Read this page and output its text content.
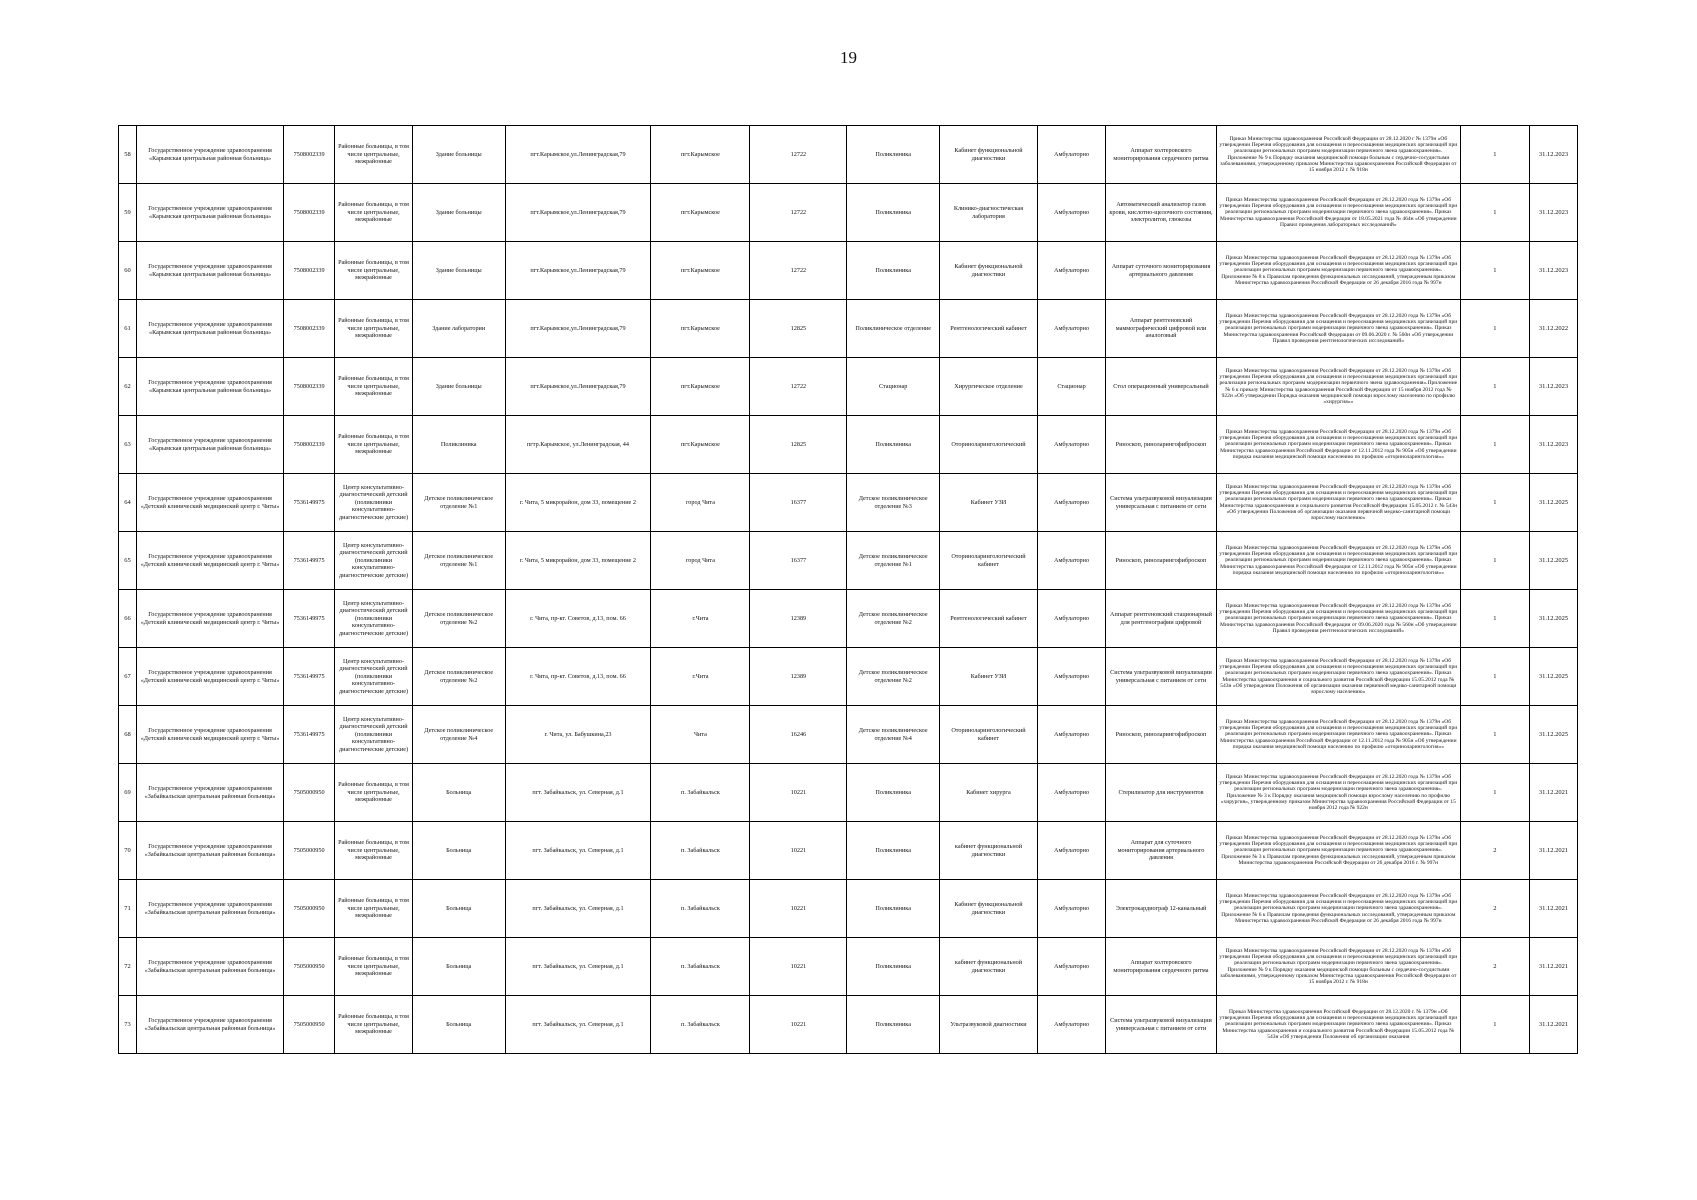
19
58	Государственное учреждение здравоохранения «Карымская центральная районная больница»	7508002339	Районные больницы, в том числе центральные, межрайонные	Здание больницы	пгт.Карымское,ул.Ленинградская,79	пгт.Карымское	12722	Поликлиника	Кабинет функциональной диагностики	Амбулаторно	Аппарат холтеровского мониторирования сердечного ритма	Приказ Министерства здравоохранения Российской Федерации от 28.12.2020 г № 1379н «Об утверждении Перечня оборудования для оснащения и переоснащения медицинских организаций при реализации региональных программ модернизации первичного звена здравоохранения». Приложение № 9 к Порядку оказания медицинской помощи больным с сердечно-сосудистыми заболеваниями, утвержденному приказом Министерства здравоохранения Российской Федерации от 15 ноября 2012 г. № 918н	1	31.12.2023
59	Государственное учреждение здравоохранения «Карымская центральная районная больница»	7508002339	Районные больницы, в том числе центральные, межрайонные	Здание больницы	пгт.Карымское,ул.Ленинградская,79	пгт.Карымское	12722	Поликлиника	Клинико-диагностическая лаборатория	Амбулаторно	Автоматический анализатор газов крови, кислотно-щелочного состояния, электролитов, глюкозы	Приказ Министерства здравоохранения Российской Федерации от 28.12.2020 года № 1379н «Об утверждении Перечня оборудования для оснащения и переоснащения медицинских организаций при реализации региональных программ модернизации первичного звена здравоохранения». Приказ Министерства здравоохранения Российской Федерации от 18.05.2021 года № 464н «Об утверждении Правил проведения лабораторных исследований»	1	31.12.2023
60	Государственное учреждение здравоохранения «Карымская центральная районная больница»	7508002339	Районные больницы, в том числе центральные, межрайонные	Здание больницы	пгт.Карымское,ул.Ленинградская,79	пгт.Карымское	12722	Поликлиника	Кабинет функциональной диагностики	Амбулаторно	Аппарат суточного мониторирования артериального давления	Приказ Министерства здравоохранения Российской Федерации от 28.12.2020 года № 1379н «Об утверждении Перечня оборудования для оснащения и переоснащения медицинских организаций при реализации региональных программ модернизации первичного звена здравоохранения». Приложение № 8 к Правилам проведения функциональных исследований, утвержденным приказом Министерства здравоохранения Российской Федерации от 26 декабря 2016 года № 997н	1	31.12.2023
61	Государственное учреждение здравоохранения «Карымская центральная районная больница»	7508002339	Районные больницы, в том числе центральные, межрайонные	Здание лаборатории	пгт.Карымское,ул.Ленинградская,79	пгт.Карымское	12825	Поликлиническое отделение	Рентгенологический кабинет	Амбулаторно	Аппарат рентгеновский маммографический цифровой или аналоговый	Приказ Министерства здравоохранения Российской Федерации от 28.12.2020 года № 1379н «Об утверждении Перечня оборудования для оснащения и переоснащения медицинских организаций при реализации региональных программ модернизации первичного звена здравоохранения». Приказ Министерства здравоохранения Российской Федерации от 09.06.2020 г. № 560н «Об утверждении Правил проведения рентгенологических исследований»	1	31.12.2022
62	Государственное учреждение здравоохранения «Карымская центральная районная больница»	7508002339	Районные больницы, в том числе центральные, межрайонные	Здание больницы	пгт.Карымское,ул.Ленинградская,79	пгт.Карымское	12722	Стационар	Хирургическое отделение	Стационар	Стол операционный универсальный	Приказ Министерства здравоохранения Российской Федерации от 28.12.2020 года № 1379н «Об утверждении Перечня оборудования для оснащения и переоснащения медицинских организаций при реализации региональных программ модернизации первичного звена здравоохранения».Приложение № 6 к приказу Министерства здравоохранения Российской Федерации от 15 ноября 2012 года № 922н «Об утверждении Порядка оказания медицинской помощи взрослому населению по профилю «хирургия»»	1	31.12.2023
63	Государственное учреждение здравоохранения «Карымская центральная районная больница»	7508002339	Районные больницы, в том числе центральные, межрайонные	Поликлиника	пгтр.Карымское, ул.Ленинградская, 44	пгт.Карымское	12825	Поликлиника	Оториноларингологический	Амбулаторно	Риноскоп, риноларингофиброскоп	Приказ Министерства здравоохранения Российской Федерации от 28.12.2020 года № 1379н «Об утверждении Перечня оборудования для оснащения и переоснащения медицинских организаций при реализации региональных программ модернизации первичного звена здравоохранения». Приказ Министерства здравоохранения Российской Федерации от 12.11.2012 года № 905н «Об утверждении порядка оказания медицинской помощи населению по профилю «оториноларингология»»	1	31.12.2023
64	Государственное учреждение здравоохранения «Детский клинический медицинский центр г. Читы»	7536149975	Центр консультативно-диагностический детский (поликлиники консультативно-диагностические детские)	Детское поликлиническое отделение №1	г. Чита, 5 микрорайон, дом 33, помещение 2	город Чита	16377	Детское поликлиническое отделение №3	Кабинет УЗИ	Амбулаторно	Система ультразвуковой визуализации универсальная с питанием от сети	Приказ Министерства здравоохранения Российской Федерации от 28.12.2020 года № 1379н «Об утверждении Перечня оборудования для оснащения и переоснащения медицинских организаций при реализации региональных программ модернизации первичного звена здравоохранения». Приказ Министерства здравоохранения и социального развития Российской Федерации 15.05.2012 г. № 543н «Об утверждении Положения об организации оказания первичной медико-санитарной помощи взрослому населению»	1	31.12.2025
65	Государственное учреждение здравоохранения «Детский клинический медицинский центр г. Читы»	7536149975	Центр консультативно-диагностический детский (поликлиники консультативно-диагностические детские)	Детское поликлиническое отделение №1	г. Чита, 5 микрорайон, дом 33, помещение 2	город Чита	16377	Детское поликлиническое отделение №1	Оториноларингологический кабинет	Амбулаторно	Риноскоп, риноларингофиброскоп	Приказ Министерства здравоохранения Российской Федерации от 28.12.2020 года № 1379н «Об утверждении Перечня оборудования для оснащения и переоснащения медицинских организаций при реализации региональных программ модернизации первичного звена здравоохранения». Приказ Министерства здравоохранения Российской Федерации от 12.11.2012 года № 905н «Об утверждении порядка оказания медицинской помощи населению по профилю «оториноларингология»»	1	31.12.2025
66	Государственное учреждение здравоохранения «Детский клинический медицинский центр г. Читы»	7536149975	Центр консультативно-диагностический детский (поликлиники консультативно-диагностические детские)	Детское поликлиническое отделение №2	г. Чита, пр-кт. Советов, д.13, пом. 66	г.Чита	12389	Детское поликлиническое отделение №2	Рентгенологический кабинет	Амбулаторно	Аппарат рентгеновский стационарный для рентгенографии цифровой	Приказ Министерства здравоохранения Российской Федерации от 28.12.2020 года № 1379н «Об утверждении Перечня оборудования для оснащения и переоснащения медицинских организаций при реализации региональных программ модернизации первичного звена здравоохранения». Приказ Министерства здравоохранения Российской Федерации от 09.06.2020 года № 560н «Об утверждении Правил проведения рентгенологических исследований»	1	31.12.2025
67	Государственное учреждение здравоохранения «Детский клинический медицинский центр г. Читы»	7536149975	Центр консультативно-диагностический детский (поликлиники консультативно-диагностические детские)	Детское поликлиническое отделение №2	г. Чита, пр-кт. Советов, д.13, пом. 66	г.Чита	12389	Детское поликлиническое отделение №2	Кабинет УЗИ	Амбулаторно	Система ультразвуковой визуализации универсальная с питанием от сети	Приказ Министерства здравоохранения Российской Федерации от 28.12.2020 года № 1379н «Об утверждении Перечня оборудования для оснащения и переоснащения медицинских организаций при реализации региональных программ модернизации первичного звена здравоохранения». Приказ Министерства здравоохранения и социального развития Российской Федерации 15.05.2012 года № 543н «Об утверждении Положения об организации оказания первичной медико-санитарной помощи взрослому населению»	1	31.12.2025
68	Государственное учреждение здравоохранения «Детский клинический медицинский центр г. Читы»	7536149975	Центр консультативно-диагностический детский (поликлиники консультативно-диагностические детские)	Детское поликлиническое отделение №4	г. Чита, ул. Бабушкина,23	Чита	16246	Детское поликлиническое отделение №4	Оториноларингологический кабинет	Амбулаторно	Риноскоп, риноларингофиброскоп	Приказ Министерства здравоохранения Российской Федерации от 28.12.2020 года № 1379н «Об утверждении Перечня оборудования для оснащения и переоснащения медицинских организаций при реализации региональных программ модернизации первичного звена здравоохранения». Приказ Министерства здравоохранения Российской Федерации от 12.11.2012 года № 905н «Об утверждении порядка оказания медицинской помощи населению по профилю «оториноларингология»»	1	31.12.2025
69	Государственное учреждение здравоохранения «Забайкальская центральная районная больница»	7505000950	Районные больницы, в том числе центральные, межрайонные	Больница	пгт. Забайкальск, ул. Северная, д.1	п. Забайкальск	10221	Поликлиника	Кабинет хирурга	Амбулаторно	Стерилизатор для инструментов	Приказ Министерства здравоохранения Российской Федерации от 28.12.2020 года № 1379н «Об утверждении Перечня оборудования для оснащения и переоснащения медицинских организаций при реализации региональных программ модернизации первичного звена здравоохранения». Приложение № 3 к Порядку оказания медицинской помощи взрослому населению по профилю «хирургия», утвержденному приказом Министерства здравоохранения Российской Федерации от 15 ноября 2012 года № 922н	1	31.12.2021
70	Государственное учреждение здравоохранения «Забайкальская центральная районная больница»	7505000950	Районные больницы, в том числе центральные, межрайонные	Больница	пгт. Забайкальск, ул. Северная, д.1	п. Забайкальск	10221	Поликлиника	кабинет функциональной диагностики	Амбулаторно	Аппарат для суточного мониторирования артериального давления	Приказ Министерства здравоохранения Российской Федерации от 28.12.2020 года № 1379н «Об утверждении Перечня оборудования для оснащения и переоснащения медицинских организаций при реализации региональных программ модернизации первичного звена здравоохранения». Приложение № 3 к Правилам проведения функциональных исследований, утвержденным приказом Министерства здравоохранения Российской Федерации от 26 декабря 2016 г. № 997н	2	31.12.2021
71	Государственное учреждение здравоохранения «Забайкальская центральная районная больница»	7505000950	Районные больницы, в том числе центральные, межрайонные	Больница	пгт. Забайкальск, ул. Северная, д.1	п. Забайкальск	10221	Поликлиника	Кабинет функциональной диагностики	Амбулаторно	Электрокардиограф 12-канальный	Приказ Министерства здравоохранения Российской Федерации от 28.12.2020 года № 1379н «Об утверждении Перечня оборудования для оснащения и переоснащения медицинских организаций при реализации региональных программ модернизации первичного звена здравоохранения». Приложение № 6 к Правилам проведения функциональных исследований, утвержденным приказом Министерства здравоохранения Российской Федерации от 26 декабря 2016 года № 997н	2	31.12.2021
72	Государственное учреждение здравоохранения «Забайкальская центральная районная больница»	7505000950	Районные больницы, в том числе центральные, межрайонные	Больница	пгт. Забайкальск, ул. Северная, д.1	п. Забайкальск	10221	Поликлиника	кабинет функциональной диагностики	Амбулаторно	Аппарат холтеровского мониторирования сердечного ритма	Приказ Министерства здравоохранения Российской Федерации от 28.12.2020 года № 1379н «Об утверждении Перечня оборудования для оснащения и переоснащения медицинских организаций при реализации региональных программ модернизации первичного звена здравоохранения». Приложение № 9 к Порядку оказания медицинской помощи больным с сердечно-сосудистыми заболеваниями, утвержденному приказом Министерства здравоохранения Российской Федерации от 15 ноября 2012 г. № 918н	2	31.12.2021
73	Государственное учреждение здравоохранения «Забайкальская центральная районная больница»	7505000950	Районные больницы, в том числе центральные, межрайонные	Больница	пгт. Забайкальск, ул. Северная, д.1	п. Забайкальск	10221	Поликлиника	Ультразвуковой диагностики	Амбулаторно	Система ультразвуковой визуализации универсальная с питанием от сети	Приказ Министерства здравоохранения Российской Федерации от 28.12.2020 г. № 1379н «Об утверждении Перечня оборудования для оснащения и переоснащения медицинских организаций при реализации региональных программ модернизации первичного звена здравоохранения». Приказ Министерства здравоохранения и социального развития Российской Федерации 15.05.2012 года № 543н «Об утверждении Положения об организации оказания	1	31.12.2021
